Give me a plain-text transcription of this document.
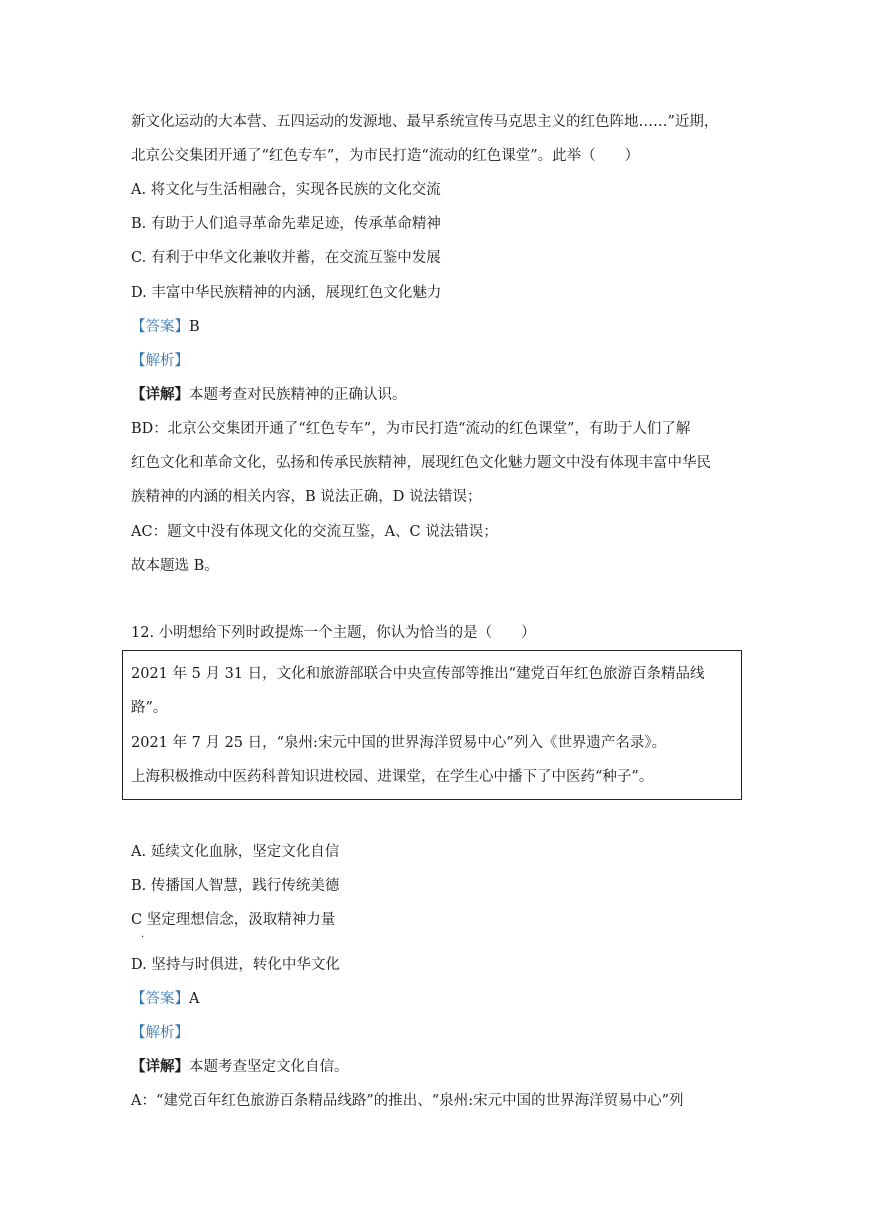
新文化运动的大本营、五四运动的发源地、最早系统宣传马克思主义的红色阵地……”近期，
北京公交集团开通了“红色专车”，为市民打造“流动的红色课堂”。此举（　　）
A. 将文化与生活相融合，实现各民族的文化交流
B. 有助于人们追寻革命先辈足迹，传承革命精神
C. 有利于中华文化兼收并蓄，在交流互鉴中发展
D. 丰富中华民族精神的内涵，展现红色文化魅力
【答案】B
【解析】
【详解】本题考查对民族精神的正确认识。
BD：北京公交集团开通了“红色专车”，为市民打造“流动的红色课堂”，有助于人们了解
红色文化和革命文化，弘扬和传承民族精神，展现红色文化魅力题文中没有体现丰富中华民
族精神的内涵的相关内容，B 说法正确，D 说法错误；
AC：题文中没有体现文化的交流互鉴，A、C 说法错误；
故本题选 B。
12. 小明想给下列时政提炼一个主题，你认为恰当的是（　　）
2021 年 5 月 31 日，文化和旅游部联合中央宣传部等推出“建党百年红色旅游百条精品线
路”。
2021 年 7 月 25 日，“泉州:宋元中国的世界海洋贸易中心”列入《世界遗产名录》。
上海积极推动中医药科普知识进校园、进课堂，在学生心中播下了中医药“种子”。
A. 延续文化血脉，坚定文化自信
B. 传播国人智慧，践行传统美德
C 坚定理想信念，汲取精神力量
·
D. 坚持与时俱进，转化中华文化
【答案】A
【解析】
【详解】本题考查坚定文化自信。
A：“建党百年红色旅游百条精品线路”的推出、“泉州:宋元中国的世界海洋贸易中心”列
